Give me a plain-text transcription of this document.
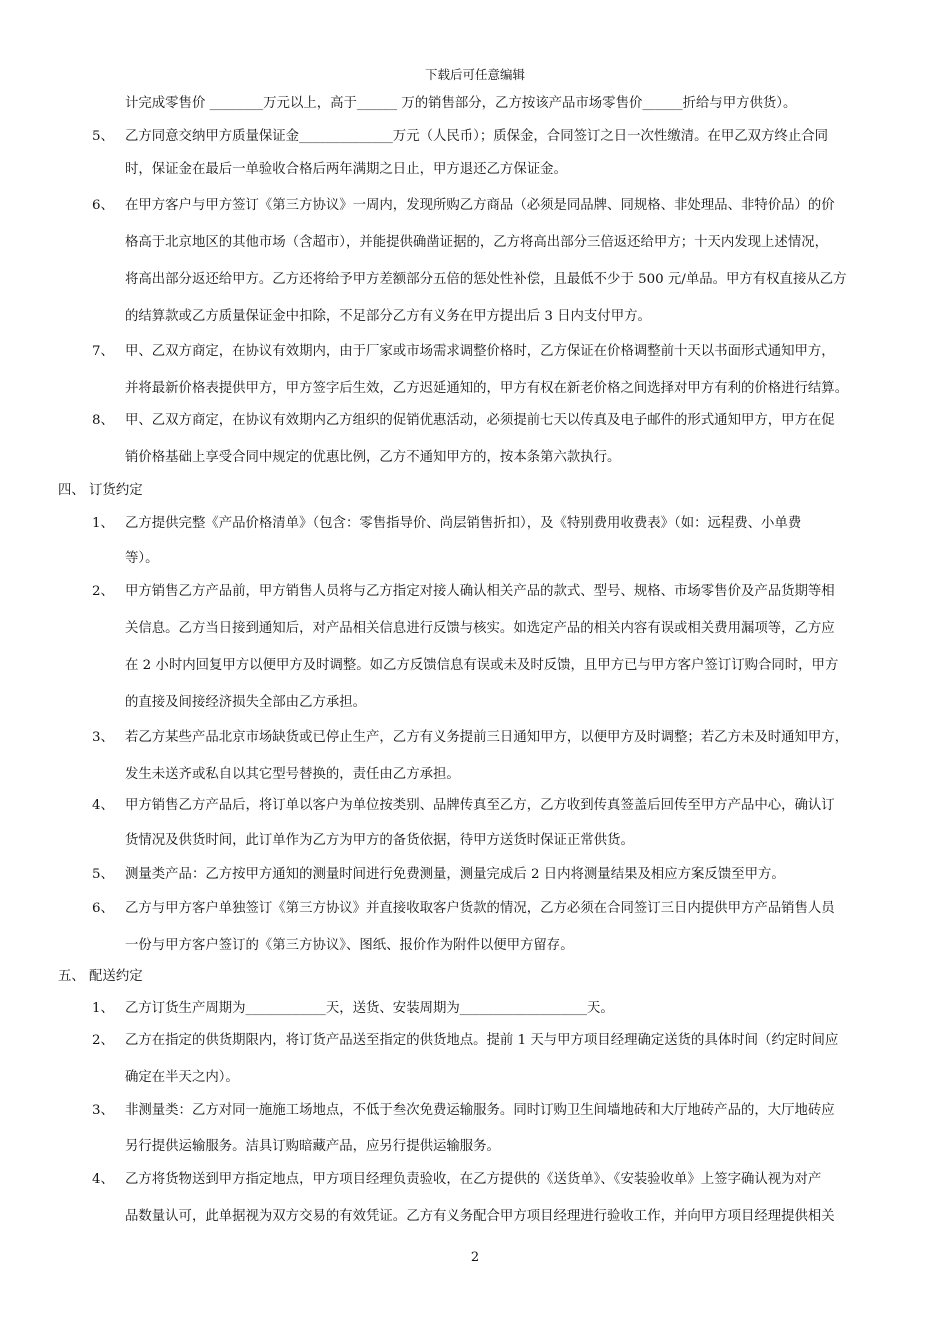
下载后可任意编辑
计完成零售价 ________万元以上，高于______ 万的销售部分，乙方按该产品市场零售价______折给与甲方供货）。
5、 乙方同意交纳甲方质量保证金______________万元（人民币）；质保金，合同签订之日一次性缴清。在甲乙双方终止合同
时，保证金在最后一单验收合格后两年满期之日止，甲方退还乙方保证金。
6、 在甲方客户与甲方签订《第三方协议》一周内，发现所购乙方商品（必须是同品牌、同规格、非处理品、非特价品）的价
格高于北京地区的其他市场（含超市），并能提供确凿证据的，乙方将高出部分三倍返还给甲方；十天内发现上述情况，
将高出部分返还给甲方。乙方还将给予甲方差额部分五倍的惩处性补偿，且最低不少于 500 元/单品。甲方有权直接从乙方
的结算款或乙方质量保证金中扣除，不足部分乙方有义务在甲方提出后 3 日内支付甲方。
7、 甲、乙双方商定，在协议有效期内，由于厂家或市场需求调整价格时，乙方保证在价格调整前十天以书面形式通知甲方，
并将最新价格表提供甲方，甲方签字后生效，乙方迟延通知的，甲方有权在新老价格之间选择对甲方有利的价格进行结算。
8、 甲、乙双方商定，在协议有效期内乙方组织的促销优惠活动，必须提前七天以传真及电子邮件的形式通知甲方，甲方在促
销价格基础上享受合同中规定的优惠比例，乙方不通知甲方的，按本条第六款执行。
四、 订货约定
1、 乙方提供完整《产品价格清单》（包含：零售指导价、尚层销售折扣），及《特别费用收费表》（如：远程费、小单费
等）。
2、 甲方销售乙方产品前，甲方销售人员将与乙方指定对接人确认相关产品的款式、型号、规格、市场零售价及产品货期等相
关信息。乙方当日接到通知后，对产品相关信息进行反馈与核实。如选定产品的相关内容有误或相关费用漏项等，乙方应
在 2 小时内回复甲方以便甲方及时调整。如乙方反馈信息有误或未及时反馈，且甲方已与甲方客户签订订购合同时，甲方
的直接及间接经济损失全部由乙方承担。
3、 若乙方某些产品北京市场缺货或已停止生产，乙方有义务提前三日通知甲方，以便甲方及时调整；若乙方未及时通知甲方，
发生未送齐或私自以其它型号替换的，责任由乙方承担。
4、 甲方销售乙方产品后，将订单以客户为单位按类别、品牌传真至乙方，乙方收到传真签盖后回传至甲方产品中心，确认订
货情况及供货时间，此订单作为乙方为甲方的备货依据，待甲方送货时保证正常供货。
5、 测量类产品：乙方按甲方通知的测量时间进行免费测量，测量完成后 2 日内将测量结果及相应方案反馈至甲方。
6、 乙方与甲方客户单独签订《第三方协议》并直接收取客户货款的情况，乙方必须在合同签订三日内提供甲方产品销售人员
一份与甲方客户签订的《第三方协议》、图纸、报价作为附件以便甲方留存。
五、 配送约定
1、 乙方订货生产周期为____________天，送货、安装周期为___________________天。
2、 乙方在指定的供货期限内，将订货产品送至指定的供货地点。提前 1 天与甲方项目经理确定送货的具体时间（约定时间应
确定在半天之内）。
3、 非测量类：乙方对同一施施工场地点，不低于叁次免费运输服务。同时订购卫生间墙地砖和大厅地砖产品的，大厅地砖应
另行提供运输服务。洁具订购暗藏产品，应另行提供运输服务。
4、 乙方将货物送到甲方指定地点，甲方项目经理负责验收，在乙方提供的《送货单》、《安装验收单》上签字确认视为对产
品数量认可，此单据视为双方交易的有效凭证。乙方有义务配合甲方项目经理进行验收工作，并向甲方项目经理提供相关
2
